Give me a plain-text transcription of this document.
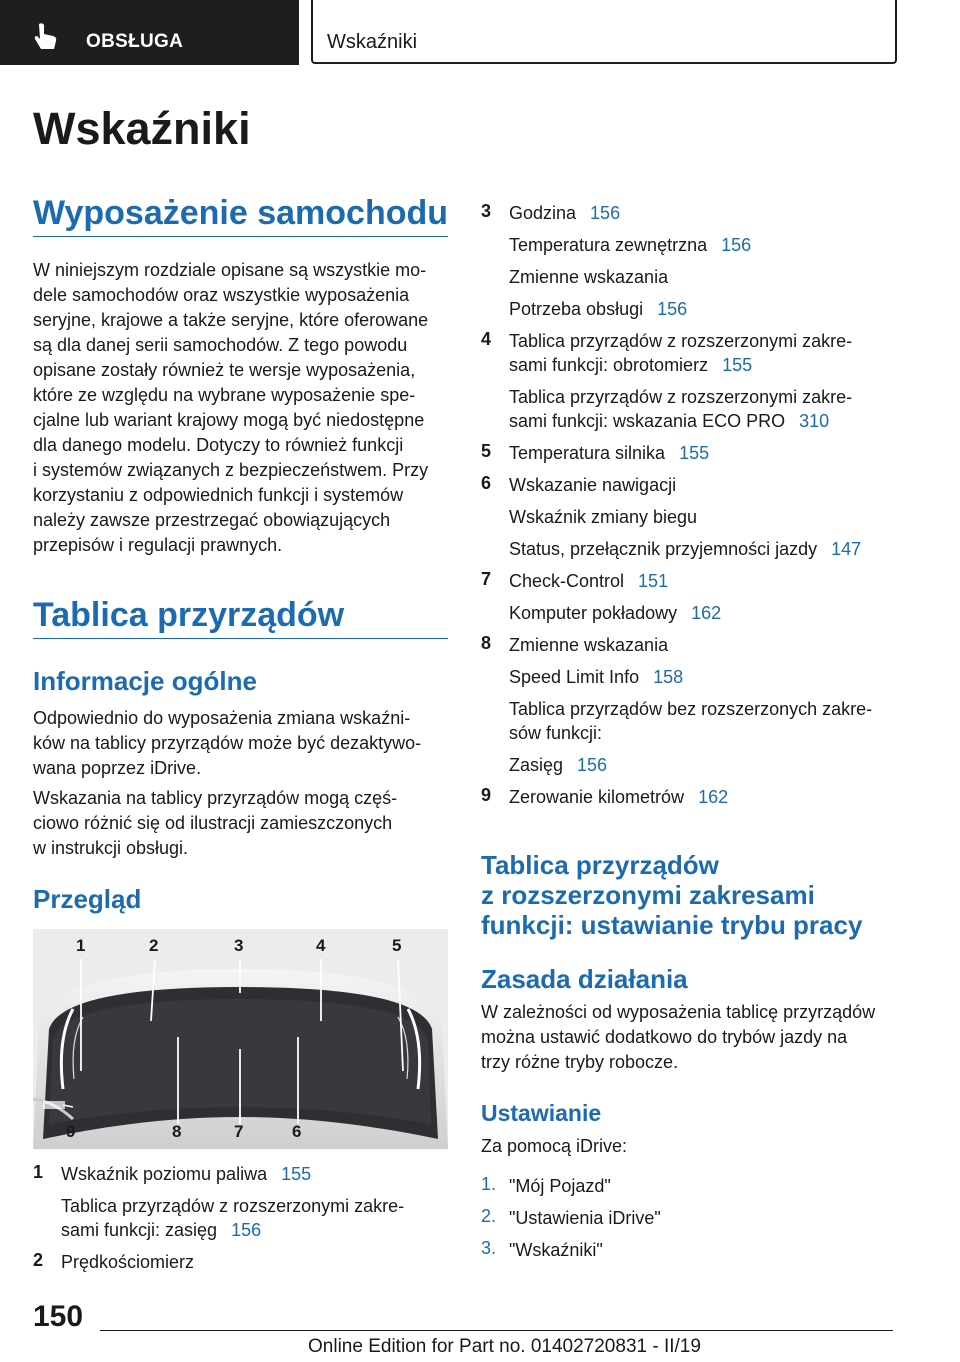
OBSŁUGA	Wskaźniki
Wskaźniki
Wyposażenie samochodu
W niniejszym rozdziale opisane są wszystkie mo-
dele samochodów oraz wszystkie wyposażenia
seryjne, krajowe a także seryjne, które oferowane
są dla danej serii samochodów. Z tego powodu
opisane zostały również te wersje wyposażenia,
które ze względu na wybrane wyposażenie spe-
cjalne lub wariant krajowy mogą być niedostępne
dla danego modelu. Dotyczy to również funkcji
i systemów związanych z bezpieczeństwem. Przy
korzystaniu z odpowiednich funkcji i systemów
należy zawsze przestrzegać obowiązujących
przepisów i regulacji prawnych.
Tablica przyrządów
Informacje ogólne
Odpowiednio do wyposażenia zmiana wskaźni-
ków na tablicy przyrządów może być dezaktywo-
wana poprzez iDrive.
Wskazania na tablicy przyrządów mogą częś-
ciowo różnić się od ilustracji zamieszczonych
w instrukcji obsługi.
Przegląd
1	2	3	4	5
9	8	7	6
1 Wskaźnik poziomu paliwa 155
Tablica przyrządów z rozszerzonymi zakre-
sami funkcji: zasięg 156
2 Prędkościomierz
3 Godzina 156
Temperatura zewnętrzna 156
Zmienne wskazania
Potrzeba obsługi 156
4 Tablica przyrządów z rozszerzonymi zakre-
sami funkcji: obrotomierz 155
Tablica przyrządów z rozszerzonymi zakre-
sami funkcji: wskazania ECO PRO 310
5 Temperatura silnika 155
6 Wskazanie nawigacji
Wskaźnik zmiany biegu
Status, przełącznik przyjemności jazdy 147
7 Check-Control 151
Komputer pokładowy 162
8 Zmienne wskazania
Speed Limit Info 158
Tablica przyrządów bez rozszerzonych zakre-
sów funkcji:
Zasięg 156
9 Zerowanie kilometrów 162
Tablica przyrządów
z rozszerzonymi zakresami
funkcji: ustawianie trybu pracy
Zasada działania
W zależności od wyposażenia tablicę przyrządów
można ustawić dodatkowo do trybów jazdy na
trzy różne tryby robocze.
Ustawianie
Za pomocą iDrive:
1. "Mój Pojazd"
2. "Ustawienia iDrive"
3. "Wskaźniki"
150
Online Edition for Part no. 01402720831 - II/19
